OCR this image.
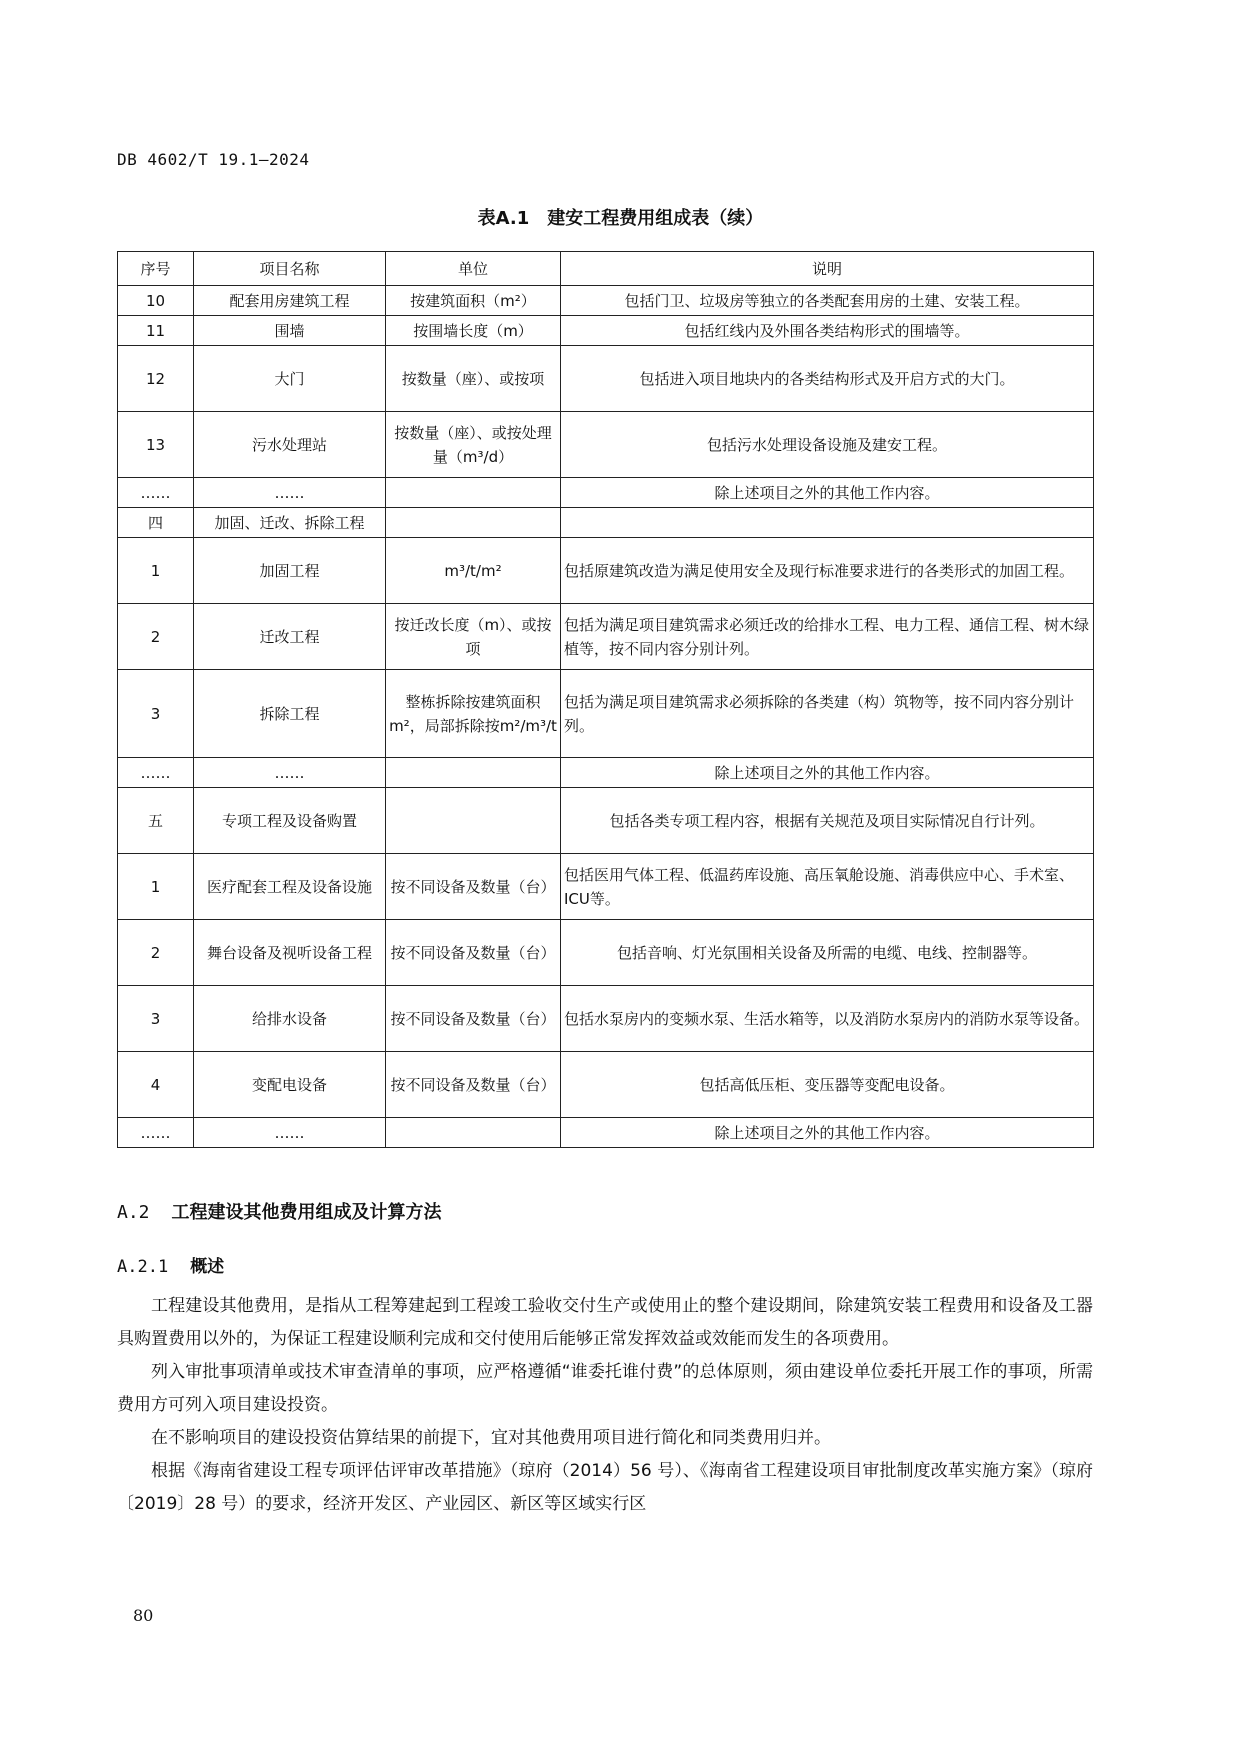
DB 4602/T 19.1—2024
表A.1　建安工程费用组成表（续）
序号	项目名称	单位	说明
10	配套用房建筑工程	按建筑面积（m²）	包括门卫、垃圾房等独立的各类配套用房的土建、安装工程。
11	围墙	按围墙长度（m）	包括红线内及外围各类结构形式的围墙等。
12	大门	按数量（座）、或按项	包括进入项目地块内的各类结构形式及开启方式的大门。
13	污水处理站	按数量（座）、或按处理量（m³/d）	包括污水处理设备设施及建安工程。
……	……		除上述项目之外的其他工作内容。
四	加固、迁改、拆除工程		
1	加固工程	m³/t/m²	包括原建筑改造为满足使用安全及现行标准要求进行的各类形式的加固工程。
2	迁改工程	按迁改长度（m）、或按项	包括为满足项目建筑需求必须迁改的给排水工程、电力工程、通信工程、树木绿植等，按不同内容分别计列。
3	拆除工程	整栋拆除按建筑面积m²，局部拆除按m²/m³/t	包括为满足项目建筑需求必须拆除的各类建（构）筑物等，按不同内容分别计列。
……	……		除上述项目之外的其他工作内容。
五	专项工程及设备购置		包括各类专项工程内容，根据有关规范及项目实际情况自行计列。
1	医疗配套工程及设备设施	按不同设备及数量（台）	包括医用气体工程、低温药库设施、高压氧舱设施、消毒供应中心、手术室、ICU等。
2	舞台设备及视听设备工程	按不同设备及数量（台）	包括音响、灯光氛围相关设备及所需的电缆、电线、控制器等。
3	给排水设备	按不同设备及数量（台）	包括水泵房内的变频水泵、生活水箱等，以及消防水泵房内的消防水泵等设备。
4	变配电设备	按不同设备及数量（台）	包括高低压柜、变压器等变配电设备。
……	……		除上述项目之外的其他工作内容。
A.2 工程建设其他费用组成及计算方法
A.2.1 概述

工程建设其他费用，是指从工程筹建起到工程竣工验收交付生产或使用止的整个建设期间，除建筑安装工程费用和设备及工器具购置费用以外的，为保证工程建设顺利完成和交付使用后能够正常发挥效益或效能而发生的各项费用。

列入审批事项清单或技术审查清单的事项，应严格遵循“谁委托谁付费”的总体原则，须由建设单位委托开展工作的事项，所需费用方可列入项目建设投资。

在不影响项目的建设投资估算结果的前提下，宜对其他费用项目进行简化和同类费用归并。

根据《海南省建设工程专项评估评审改革措施》（琼府（2014）56 号）、《海南省工程建设项目审批制度改革实施方案》（琼府〔2019〕28 号）的要求，经济开发区、产业园区、新区等区域实行区

80
